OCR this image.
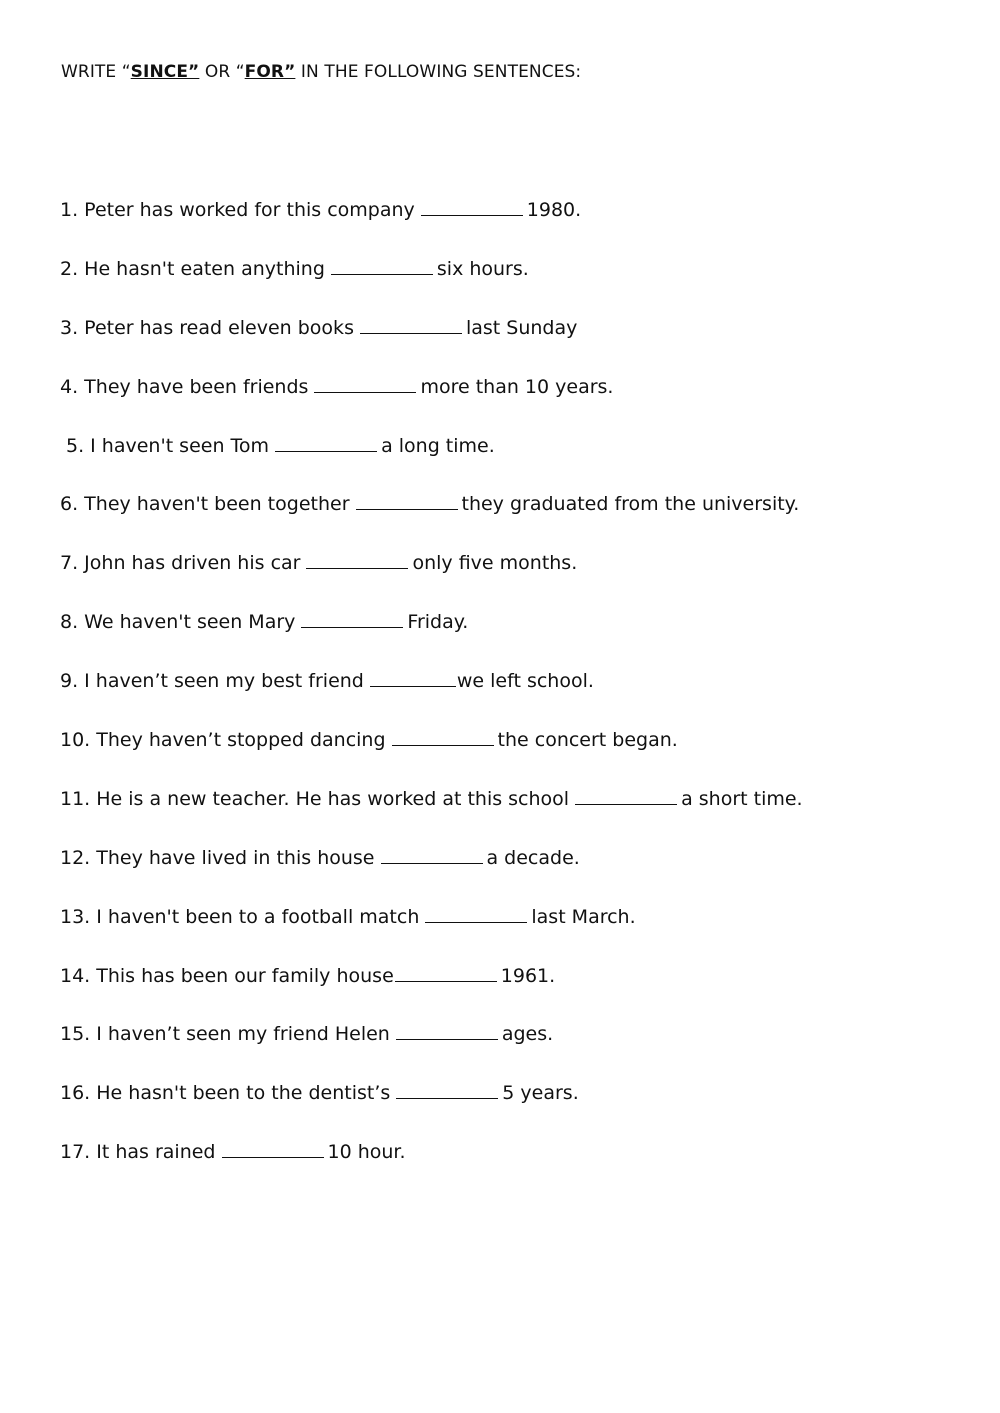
WRITE “SINCE” OR “FOR” IN THE FOLLOWING SENTENCES:
1. Peter has worked for this company	1980.
2. He hasn't eaten anything	six hours.
3. Peter has read eleven books	last Sunday
4. They have been friends	more than 10 years.
5. I haven't seen Tom	a long time.
6. They haven't been together	they graduated from the university.
7. John has driven his car	only five months.
8. We haven't seen Mary	Friday.
9. I haven’t seen my best friend	we left school.
10. They haven’t stopped dancing	the concert began.
11. He is a new teacher. He has worked at this school	a short time.
12. They have lived in this house	a decade.
13. I haven't been to a football match	last March.
14. This has been our family house	1961.
15. I haven’t seen my friend Helen	ages.
16. He hasn't been to the dentist’s	5 years.
17. It has rained	10 hour.
